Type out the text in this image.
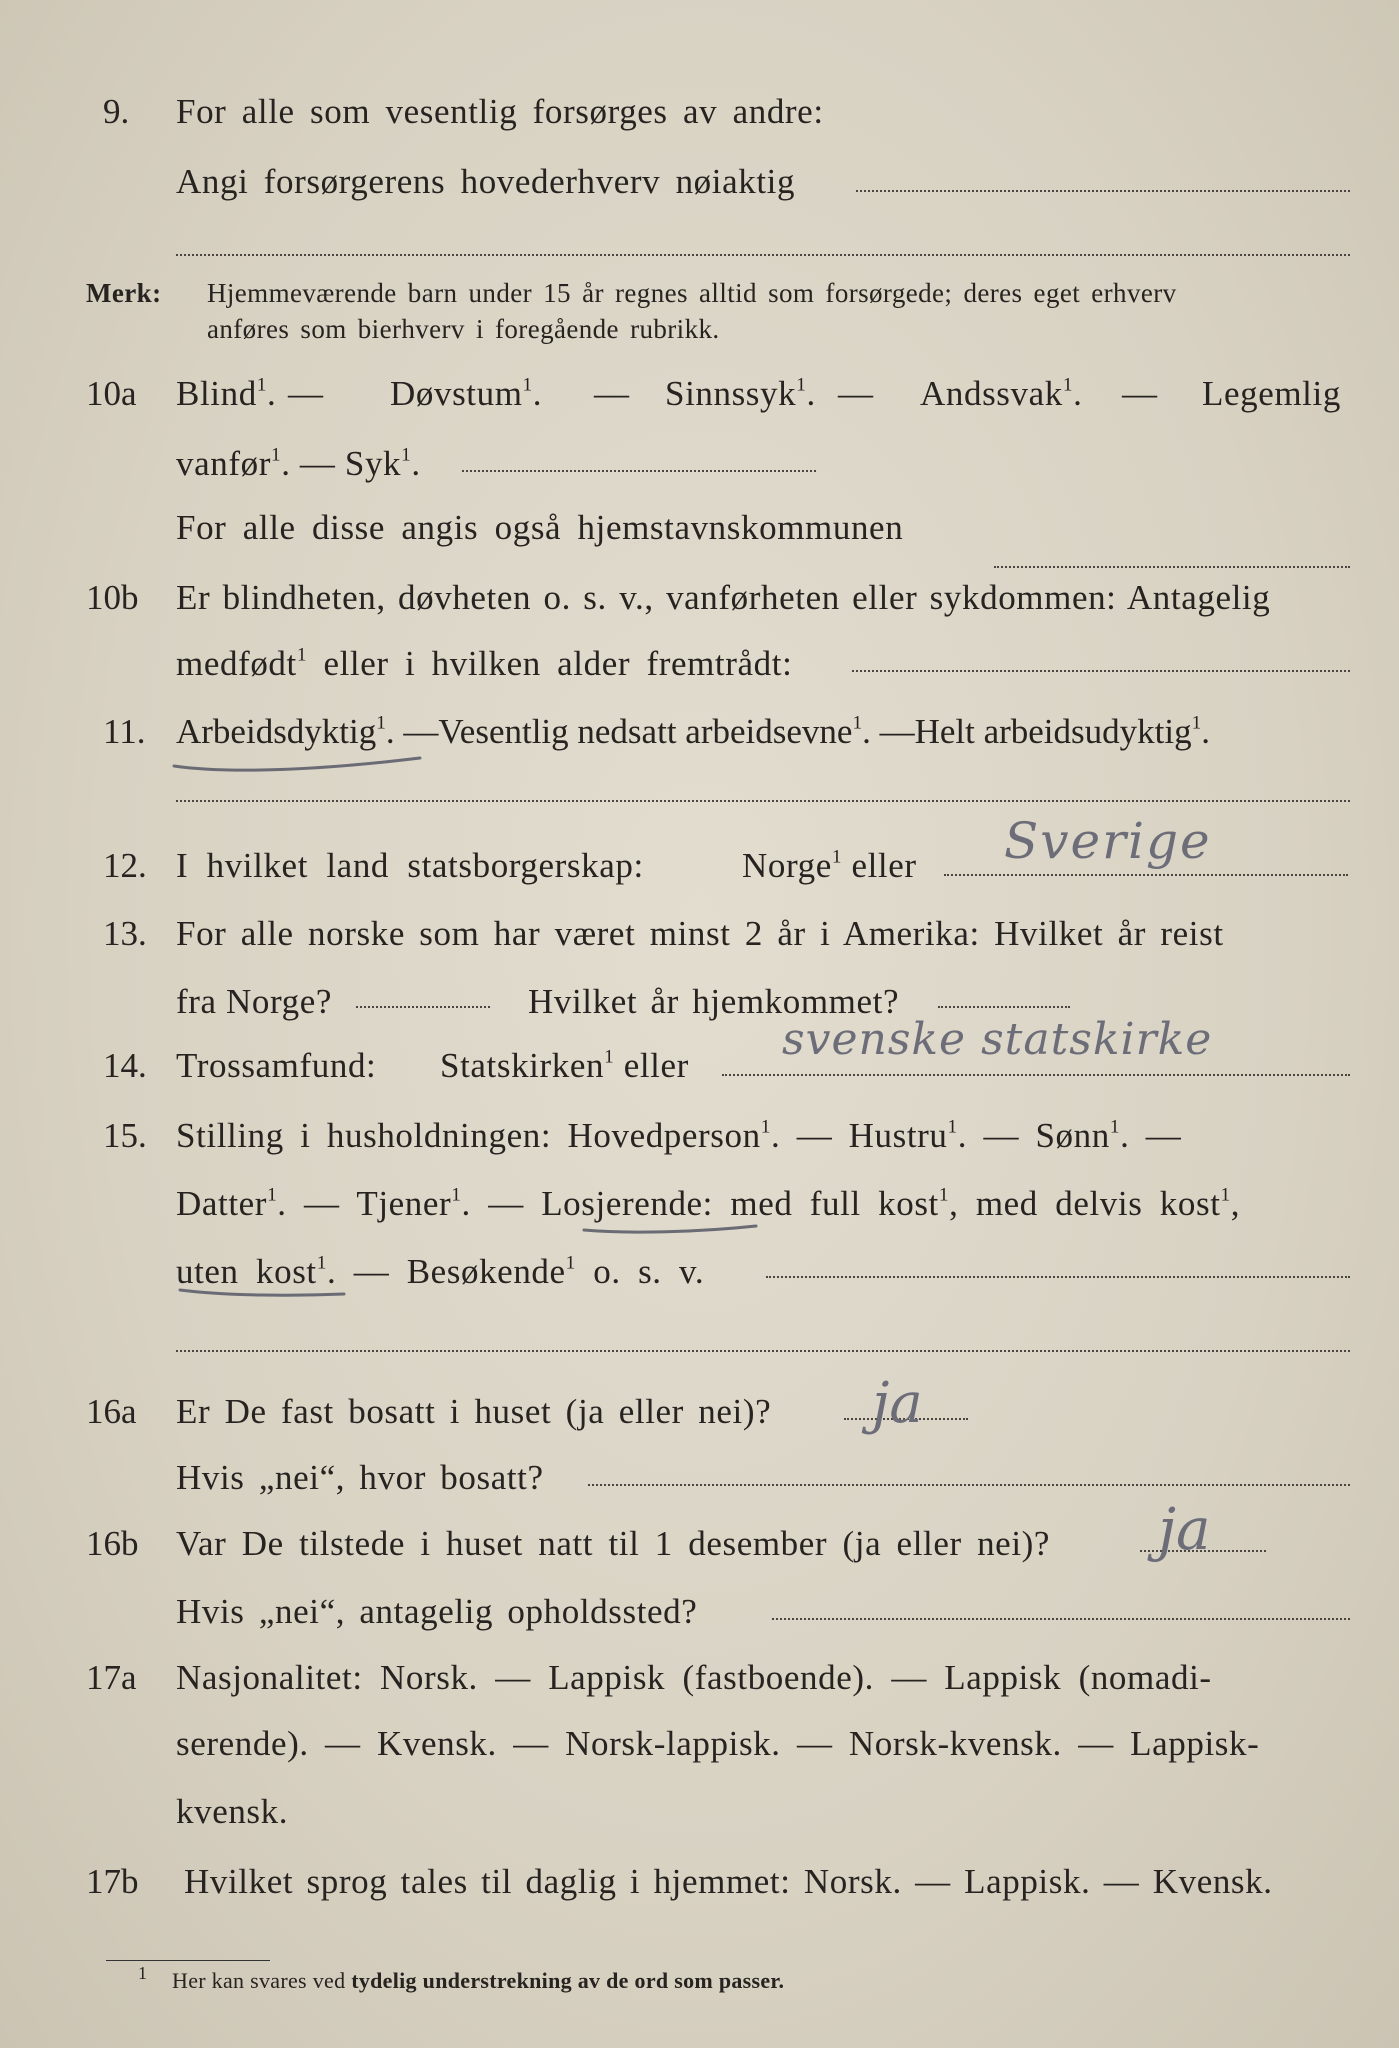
9. For alle som vesentlig forsørges av andre:
Angi forsørgerens hovederhverv nøiaktig
Merk: Hjemmeværende barn under 15 år regnes alltid som forsørgede; deres eget erhverv
anføres som bierhverv i foregående rubrikk.
10a Blind$^1$. — Døvstum$^1$. — Sinnssyk$^1$. — Andssvak$^1$. — Legemlig
vanfør$^1$. — Syk$^1$.
For alle disse angis også hjemstavnskommunen
10b Er blindheten, døvheten o. s. v., vanførheten eller sykdommen: Antagelig
medfødt$^1$ eller i hvilken alder fremtrådt:
11. Arbeidsdyktig$^1$. —Vesentlig nedsatt arbeidsevne$^1$. —Helt arbeidsudyktig$^1$.
12. I hvilket land statsborgerskap:	Norge$^1$ eller Sverige
13. For alle norske som har været minst 2 år i Amerika: Hvilket år reist
fra Norge?	Hvilket år hjemkommet?
14. Trossamfund: Statskirken$^1$ eller
svenske statskirke
15. Stilling i husholdningen: Hovedperson$^1$. — Hustru$^1$. — Sønn$^1$. —
Datter$^1$. — Tjener$^1$. — Losjerende: med full kost$^1$, med delvis kost$^1$,
uten kost$^1$. — Besøkende$^1$ o. s. v.
16a Er De fast bosatt i huset (ja eller nei)? ja
Hvis „nei“, hvor bosatt?
16b Var De tilstede i huset natt til 1 desember (ja eller nei)? ja
Hvis „nei“, antagelig opholdssted?
17a Nasjonalitet: Norsk. — Lappisk (fastboende). — Lappisk (nomadi-
serende). — Kvensk. — Norsk-lappisk. — Norsk-kvensk. — Lappisk-
kvensk.
17b Hvilket sprog tales til daglig i hjemmet: Norsk. — Lappisk. — Kvensk.
1 Her kan svares ved tydelig understrekning av de ord som passer.
